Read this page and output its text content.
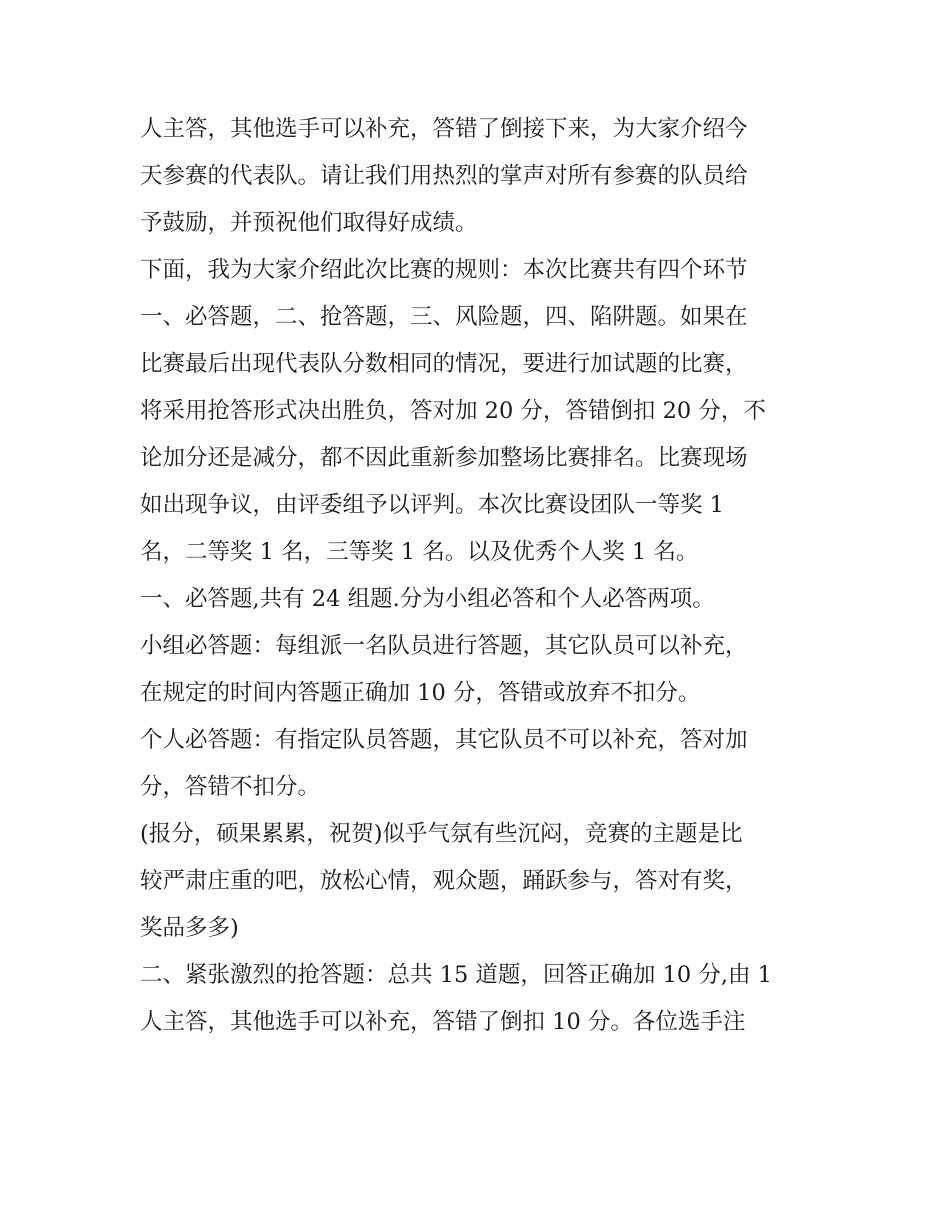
人主答，其他选手可以补充，答错了倒接下来，为大家介绍今
天参赛的代表队。请让我们用热烈的掌声对所有参赛的队员给
予鼓励，并预祝他们取得好成绩。
下面，我为大家介绍此次比赛的规则：本次比赛共有四个环节
一、必答题，二、抢答题，三、风险题，四、陷阱题。如果在
比赛最后出现代表队分数相同的情况，要进行加试题的比赛，
将采用抢答形式决出胜负，答对加 20 分，答错倒扣 20 分，不
论加分还是减分，都不因此重新参加整场比赛排名。比赛现场
如出现争议，由评委组予以评判。本次比赛设团队一等奖 1
名，二等奖 1 名，三等奖 1 名。以及优秀个人奖 1 名。
一、必答题,共有 24 组题.分为小组必答和个人必答两项。
小组必答题：每组派一名队员进行答题，其它队员可以补充，
在规定的时间内答题正确加 10 分，答错或放弃不扣分。
个人必答题：有指定队员答题，其它队员不可以补充，答对加
分，答错不扣分。
(报分，硕果累累，祝贺)似乎气氛有些沉闷，竞赛的主题是比
较严肃庄重的吧，放松心情，观众题，踊跃参与，答对有奖，
奖品多多)
二、紧张激烈的抢答题：总共 15 道题，回答正确加 10 分,由 1
人主答，其他选手可以补充，答错了倒扣 10 分。各位选手注
